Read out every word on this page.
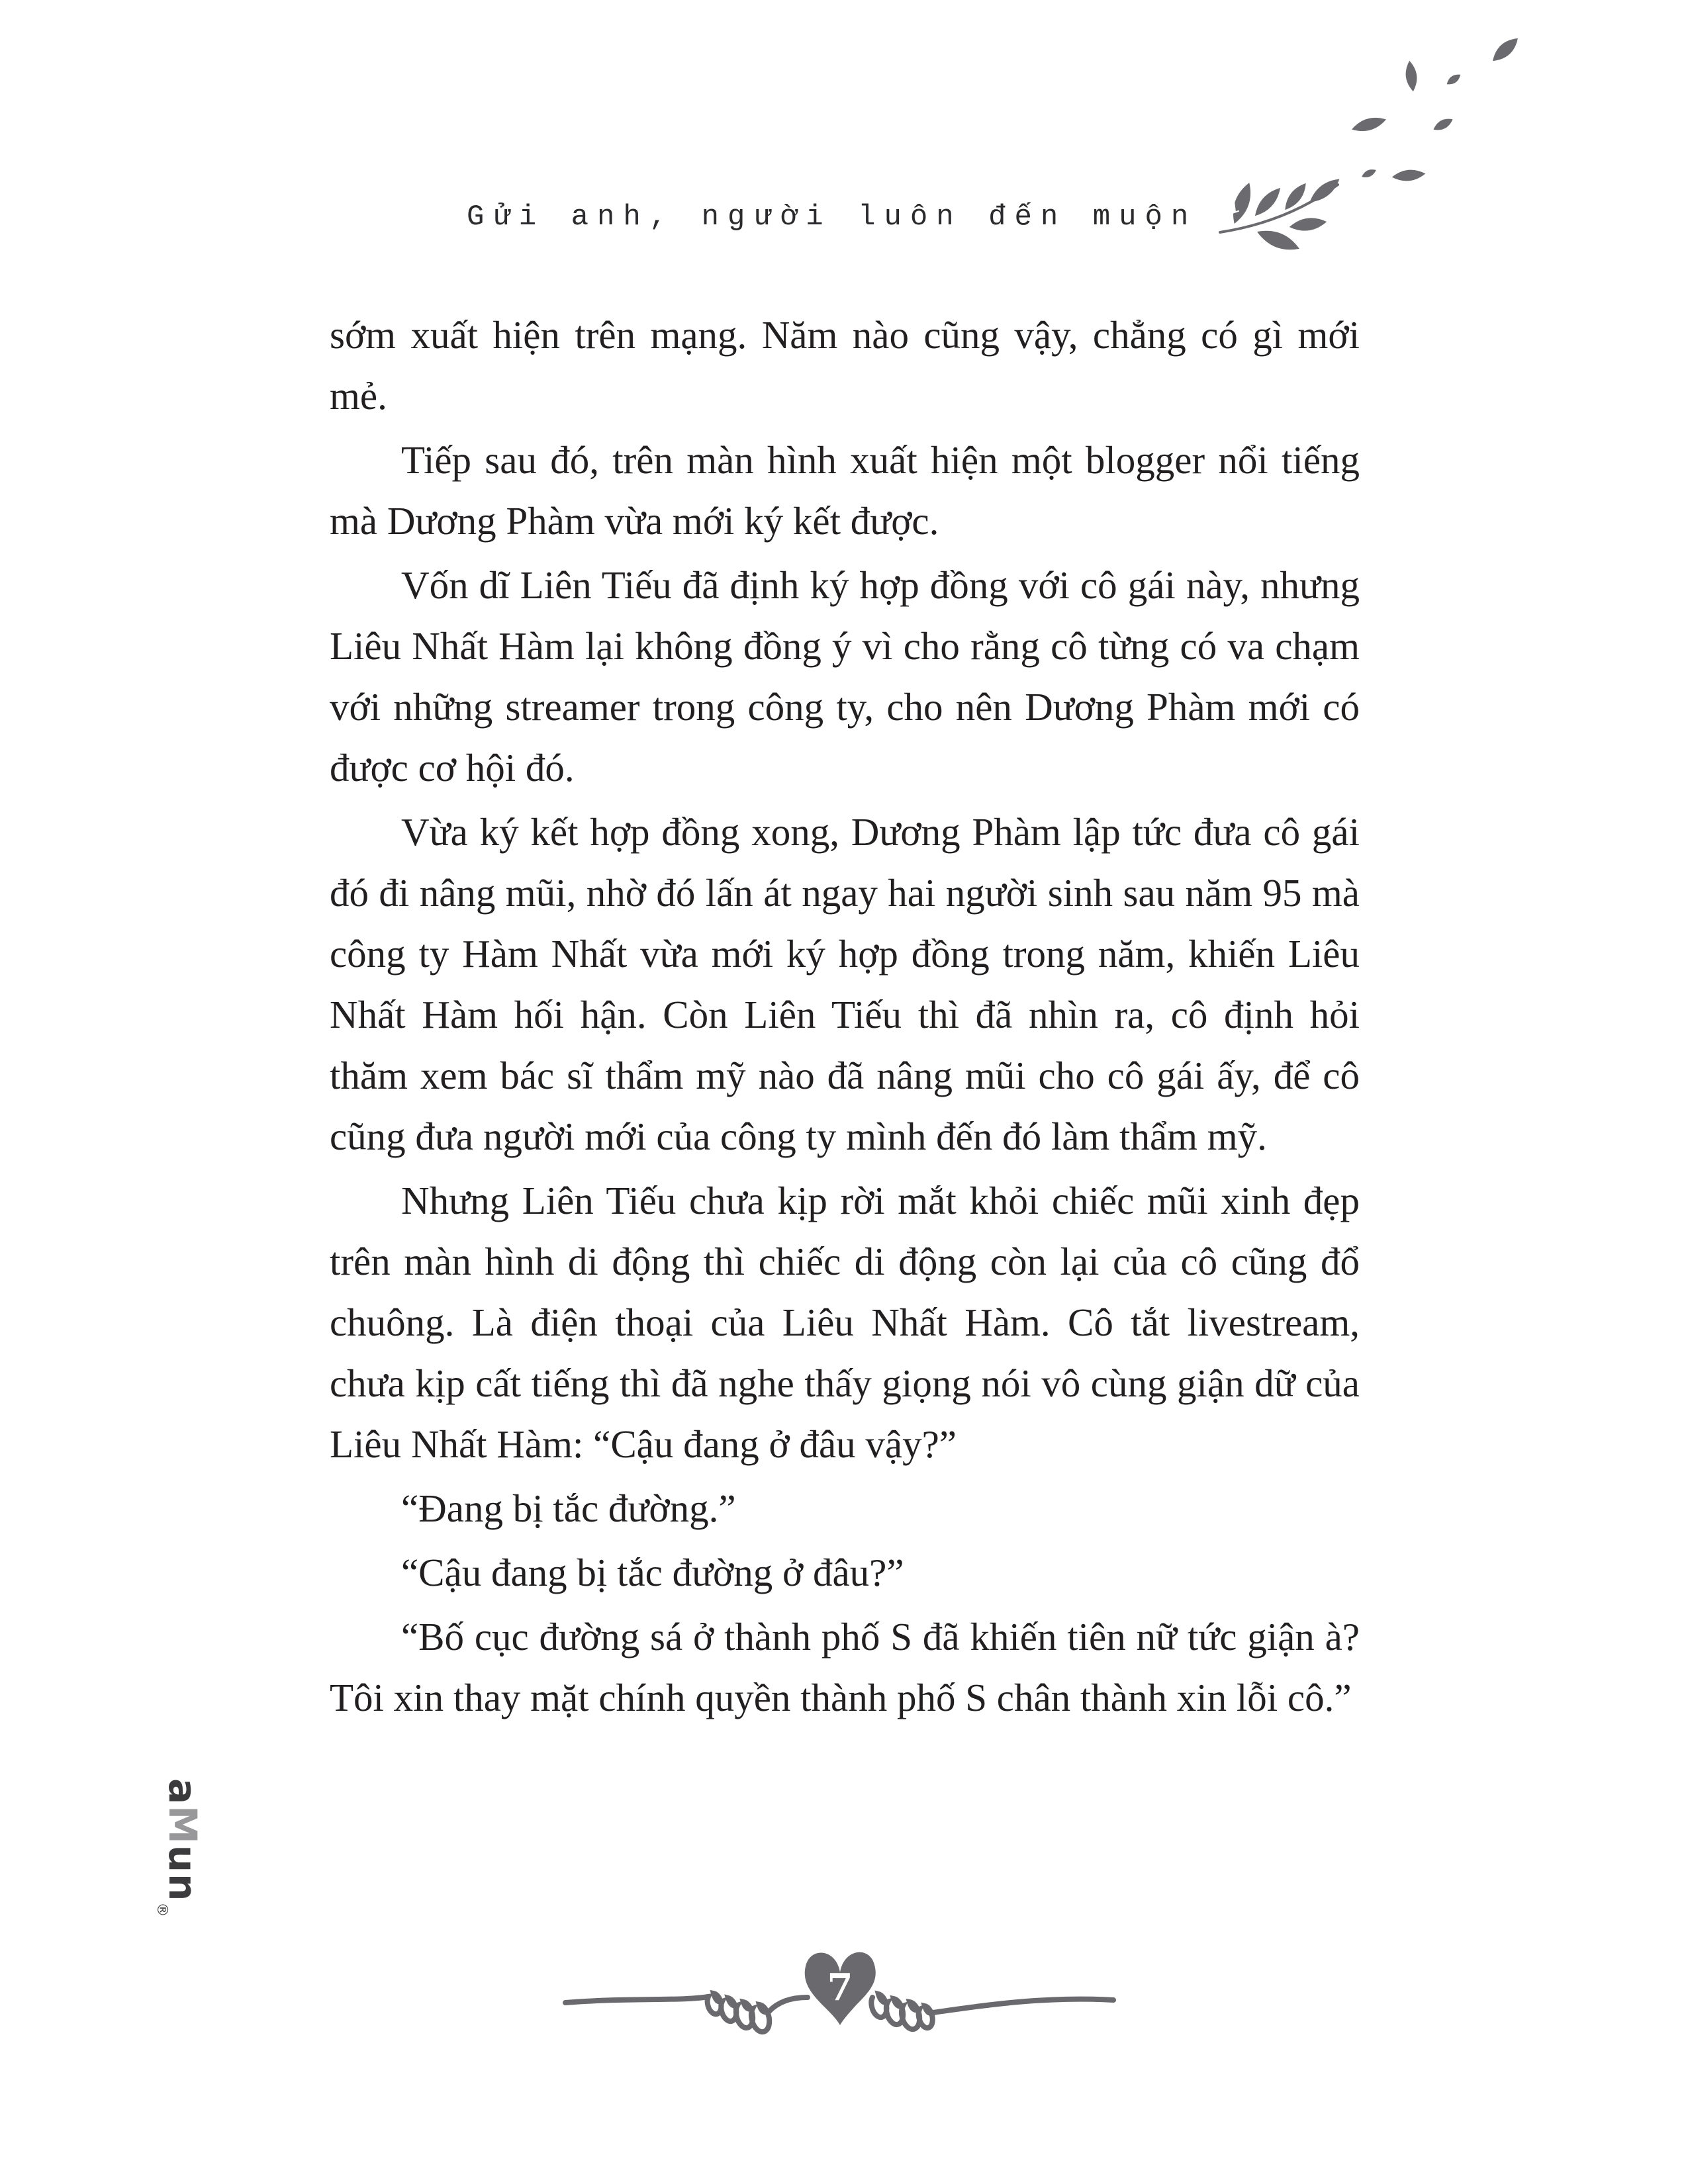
Gửi anh, người luôn đến muộn 1

sớm xuất hiện trên mạng. Năm nào cũng vậy, chẳng có gì mới mẻ.

Tiếp sau đó, trên màn hình xuất hiện một blogger nổi tiếng mà Dương Phàm vừa mới ký kết được.

Vốn dĩ Liên Tiếu đã định ký hợp đồng với cô gái này, nhưng Liêu Nhất Hàm lại không đồng ý vì cho rằng cô từng có va chạm với những streamer trong công ty, cho nên Dương Phàm mới có được cơ hội đó.

Vừa ký kết hợp đồng xong, Dương Phàm lập tức đưa cô gái đó đi nâng mũi, nhờ đó lấn át ngay hai người sinh sau năm 95 mà công ty Hàm Nhất vừa mới ký hợp đồng trong năm, khiến Liêu Nhất Hàm hối hận. Còn Liên Tiếu thì đã nhìn ra, cô định hỏi thăm xem bác sĩ thẩm mỹ nào đã nâng mũi cho cô gái ấy, để cô cũng đưa người mới của công ty mình đến đó làm thẩm mỹ.

Nhưng Liên Tiếu chưa kịp rời mắt khỏi chiếc mũi xinh đẹp trên màn hình di động thì chiếc di động còn lại của cô cũng đổ chuông. Là điện thoại của Liêu Nhất Hàm. Cô tắt livestream, chưa kịp cất tiếng thì đã nghe thấy giọng nói vô cùng giận dữ của Liêu Nhất Hàm: “Cậu đang ở đâu vậy?”

“Đang bị tắc đường.”

“Cậu đang bị tắc đường ở đâu?”

“Bố cục đường sá ở thành phố S đã khiến tiên nữ tức giận à? Tôi xin thay mặt chính quyền thành phố S chân thành xin lỗi cô.”

aMun$_®$
7
